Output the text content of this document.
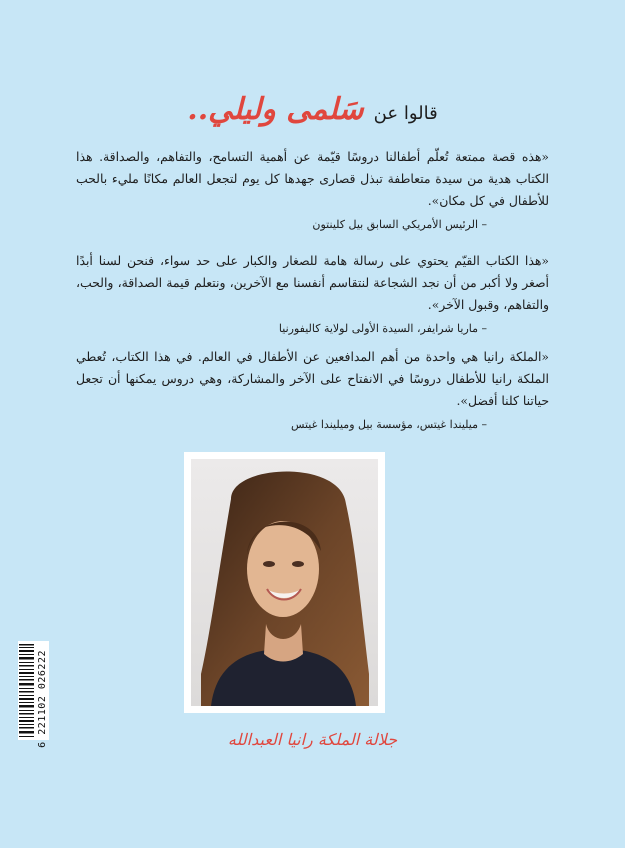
قالوا عن
سَلمى وليلي..

«هذه قصة ممتعة تُعلّم أطفالنا دروسًا قيّمة عن أهمية التسامح، والتفاهم، والصداقة. هذا الكتاب هدية من سيدة متعاطفة تبذل قصارى جهدها كل يوم لتجعل العالم مكانًا مليء بالحب للأطفال في كل مكان».

– الرئيس الأمريكي السابق بيل كلينتون

«هذا الكتاب القيّم يحتوي على رسالة هامة للصغار والكبار على حد سواء، فنحن لسنا أبدًا أصغر ولا أكبر من أن نجد الشجاعة لنتقاسم أنفسنا مع الآخرين، ونتعلم قيمة الصداقة، والحب، والتفاهم، وقبول الآخر».

– ماريا شرايفر، السيدة الأولى لولاية كاليفورنيا

«الملكة رانيا هي واحدة من أهم المدافعين عن الأطفال في العالم. في هذا الكتاب، تُعطي الملكة رانيا للأطفال دروسًا في الانفتاح على الآخر والمشاركة، وهي دروس يمكنها أن تجعل حياتنا كلنا أفضل».

– ميليندا غيتس، مؤسسة بيل وميليندا غيتس
6 221102 026222	جلالة الملكة رانيا العبدالله
